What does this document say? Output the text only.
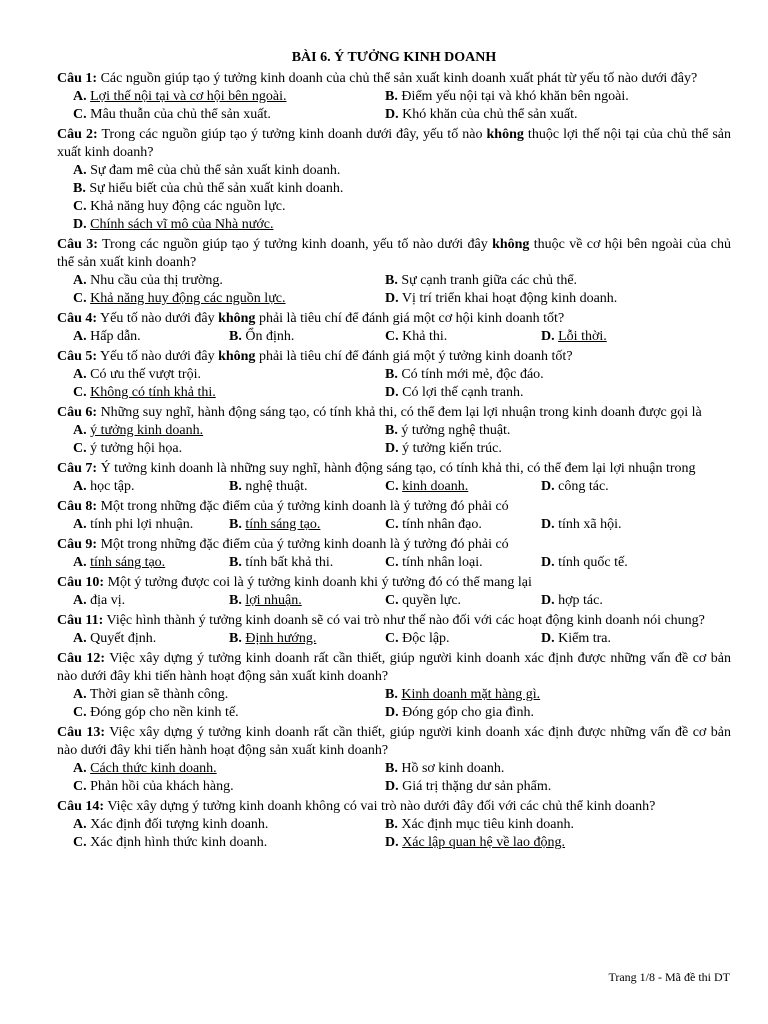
BÀI 6. Ý TƯỞNG KINH DOANH
Câu 1: Các nguồn giúp tạo ý tưởng kinh doanh của chủ thể sản xuất kinh doanh xuất phát từ yếu tố nào dưới đây?
A. Lợi thế nội tại và cơ hội bên ngoài.	B. Điểm yếu nội tại và khó khăn bên ngoài.
C. Mâu thuẫn của chủ thể sản xuất.	D. Khó khăn của chủ thể sản xuất.
Câu 2: Trong các nguồn giúp tạo ý tưởng kinh doanh dưới đây, yếu tố nào không thuộc lợi thế nội tại của chủ thể sản xuất kinh doanh?
A. Sự đam mê của chủ thể sản xuất kinh doanh.
B. Sự hiểu biết của chủ thể sản xuất kinh doanh.
C. Khả năng huy động các nguồn lực.
D. Chính sách vĩ mô của Nhà nước.
Câu 3: Trong các nguồn giúp tạo ý tưởng kinh doanh, yếu tố nào dưới đây không thuộc về cơ hội bên ngoài của chủ thể sản xuất kinh doanh?
A. Nhu cầu của thị trường.	B. Sự cạnh tranh giữa các chủ thể.
C. Khả năng huy động các nguồn lực.	D. Vị trí triển khai hoạt động kinh doanh.
Câu 4: Yếu tố nào dưới đây không phải là tiêu chí để đánh giá một cơ hội kinh doanh tốt?
A. Hấp dẫn.	B. Ổn định.	C. Khả thi.	D. Lỗi thời.
Câu 5: Yếu tố nào dưới đây không phải là tiêu chí để đánh giá một ý tưởng kinh doanh tốt?
A. Có ưu thế vượt trội.	B. Có tính mới mẻ, độc đáo.
C. Không có tính khả thi.	D. Có lợi thế cạnh tranh.
Câu 6: Những suy nghĩ, hành động sáng tạo, có tính khả thi, có thể đem lại lợi nhuận trong kinh doanh được gọi là
A. ý tưởng kinh doanh.	B. ý tưởng nghệ thuật.
C. ý tưởng hội họa.	D. ý tưởng kiến trúc.
Câu 7: Ý tưởng kinh doanh là những suy nghĩ, hành động sáng tạo, có tính khả thi, có thể đem lại lợi nhuận trong
A. học tập.	B. nghệ thuật.	C. kinh doanh.	D. công tác.
Câu 8: Một trong những đặc điểm của ý tưởng kinh doanh là ý tưởng đó phải có
A. tính phi lợi nhuận.	B. tính sáng tạo.	C. tính nhân đạo.	D. tính xã hội.
Câu 9: Một trong những đặc điểm của ý tưởng kinh doanh là ý tưởng đó phải có
A. tính sáng tạo.	B. tính bất khả thi.	C. tính nhân loại.	D. tính quốc tế.
Câu 10: Một ý tưởng được coi là ý tưởng kinh doanh khi ý tưởng đó có thể mang lại
A. địa vị.	B. lợi nhuận.	C. quyền lực.	D. hợp tác.
Câu 11: Việc hình thành ý tưởng kinh doanh sẽ có vai trò như thế nào đối với các hoạt động kinh doanh nói chung?
A. Quyết định.	B. Định hướng.	C. Độc lập.	D. Kiểm tra.
Câu 12: Việc xây dựng ý tưởng kinh doanh rất cần thiết, giúp người kinh doanh xác định được những vấn đề cơ bản nào dưới đây khi tiến hành hoạt động sản xuất kinh doanh?
A. Thời gian sẽ thành công.	B. Kinh doanh mặt hàng gì.
C. Đóng góp cho nền kinh tế.	D. Đóng góp cho gia đình.
Câu 13: Việc xây dựng ý tưởng kinh doanh rất cần thiết, giúp người kinh doanh xác định được những vấn đề cơ bản nào dưới đây khi tiến hành hoạt động sản xuất kinh doanh?
A. Cách thức kinh doanh.	B. Hồ sơ kinh doanh.
C. Phản hồi của khách hàng.	D. Giá trị thặng dư sản phẩm.
Câu 14: Việc xây dựng ý tưởng kinh doanh không có vai trò nào dưới đây đối với các chủ thể kinh doanh?
A. Xác định đối tượng kinh doanh.	B. Xác định mục tiêu kinh doanh.
C. Xác định hình thức kinh doanh.	D. Xác lập quan hệ về lao động.
Trang 1/8 - Mã đề thi DT
